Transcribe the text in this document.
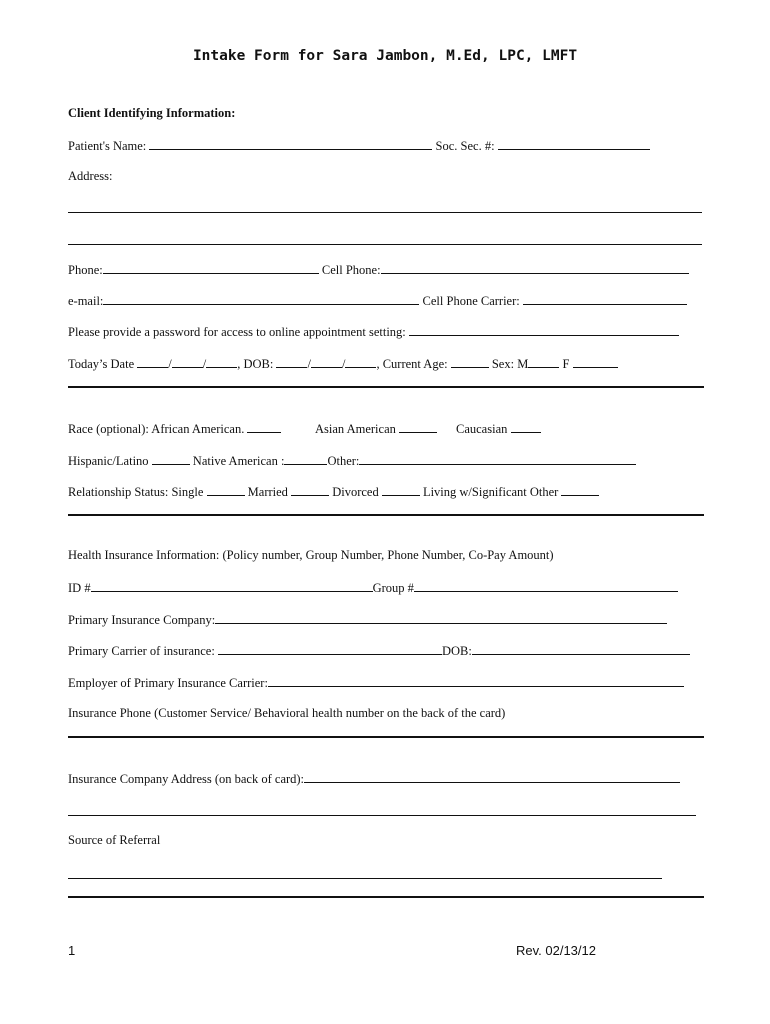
Intake Form for Sara Jambon, M.Ed, LPC, LMFT
Client Identifying Information:
Patient's Name:	Soc. Sec. #:
Address:
Phone:	Cell Phone:
e-mail:	Cell Phone Carrier:
Please provide a password for access to online appointment setting:
Today’s Date	/ / , DOB:	/ / , Current Age:	Sex: M	F
Race (optional): African American.	Asian American	Caucasian
Hispanic/Latino	Native American :	Other:
Relationship Status: Single	Married	Divorced	Living w/Significant Other
Health Insurance Information: (Policy number, Group Number, Phone Number, Co-Pay Amount)
ID #	Group #
Primary Insurance Company:
Primary Carrier of insurance:	DOB:
Employer of Primary Insurance Carrier:
Insurance Phone (Customer Service/ Behavioral health number on the back of the card)
Insurance Company Address (on back of card):
Source of Referral
1	Rev. 02/13/12
